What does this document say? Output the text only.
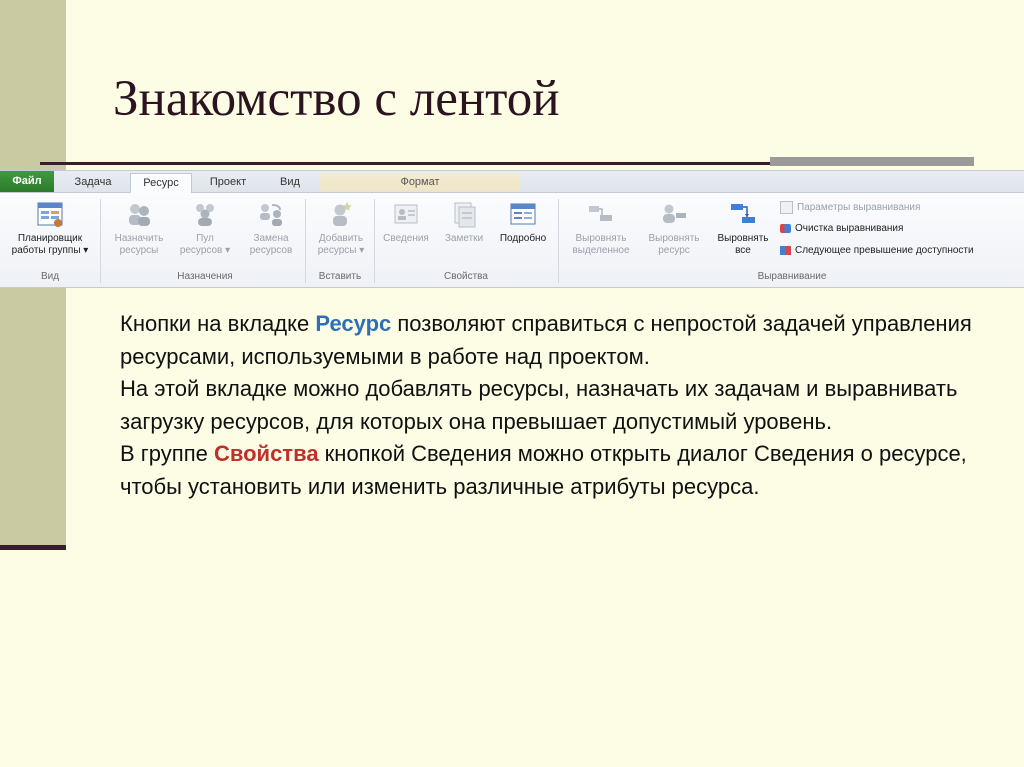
Знакомство с лентой
Файл	Задача	Ресурс	Проект	Вид	Формат
Планировщик
работы группы ▾
Вид
Назначить
ресурсы
Пул
ресурсов ▾
Замена
ресурсов
Назначения
Добавить
ресурсы ▾
Вставить
Сведения	Заметки	Подробно
Свойства
Выровнять
выделенное
Выровнять
ресурс
Выровнять
все
Параметры выравнивания
Очистка выравнивания
Следующее превышение доступности
Выравнивание

Кнопки на вкладке Ресурс позволяют справиться с непростой задачей управления ресурсами, используемыми в работе над проектом.

На этой вкладке можно добавлять ресурсы, назначать их задачам и выравнивать загрузку ресурсов, для которых она превышает допустимый уровень.

В группе Свойства кнопкой Сведения можно открыть диалог Сведения о ресурсе, чтобы установить или изменить различные атрибуты ресурса.
